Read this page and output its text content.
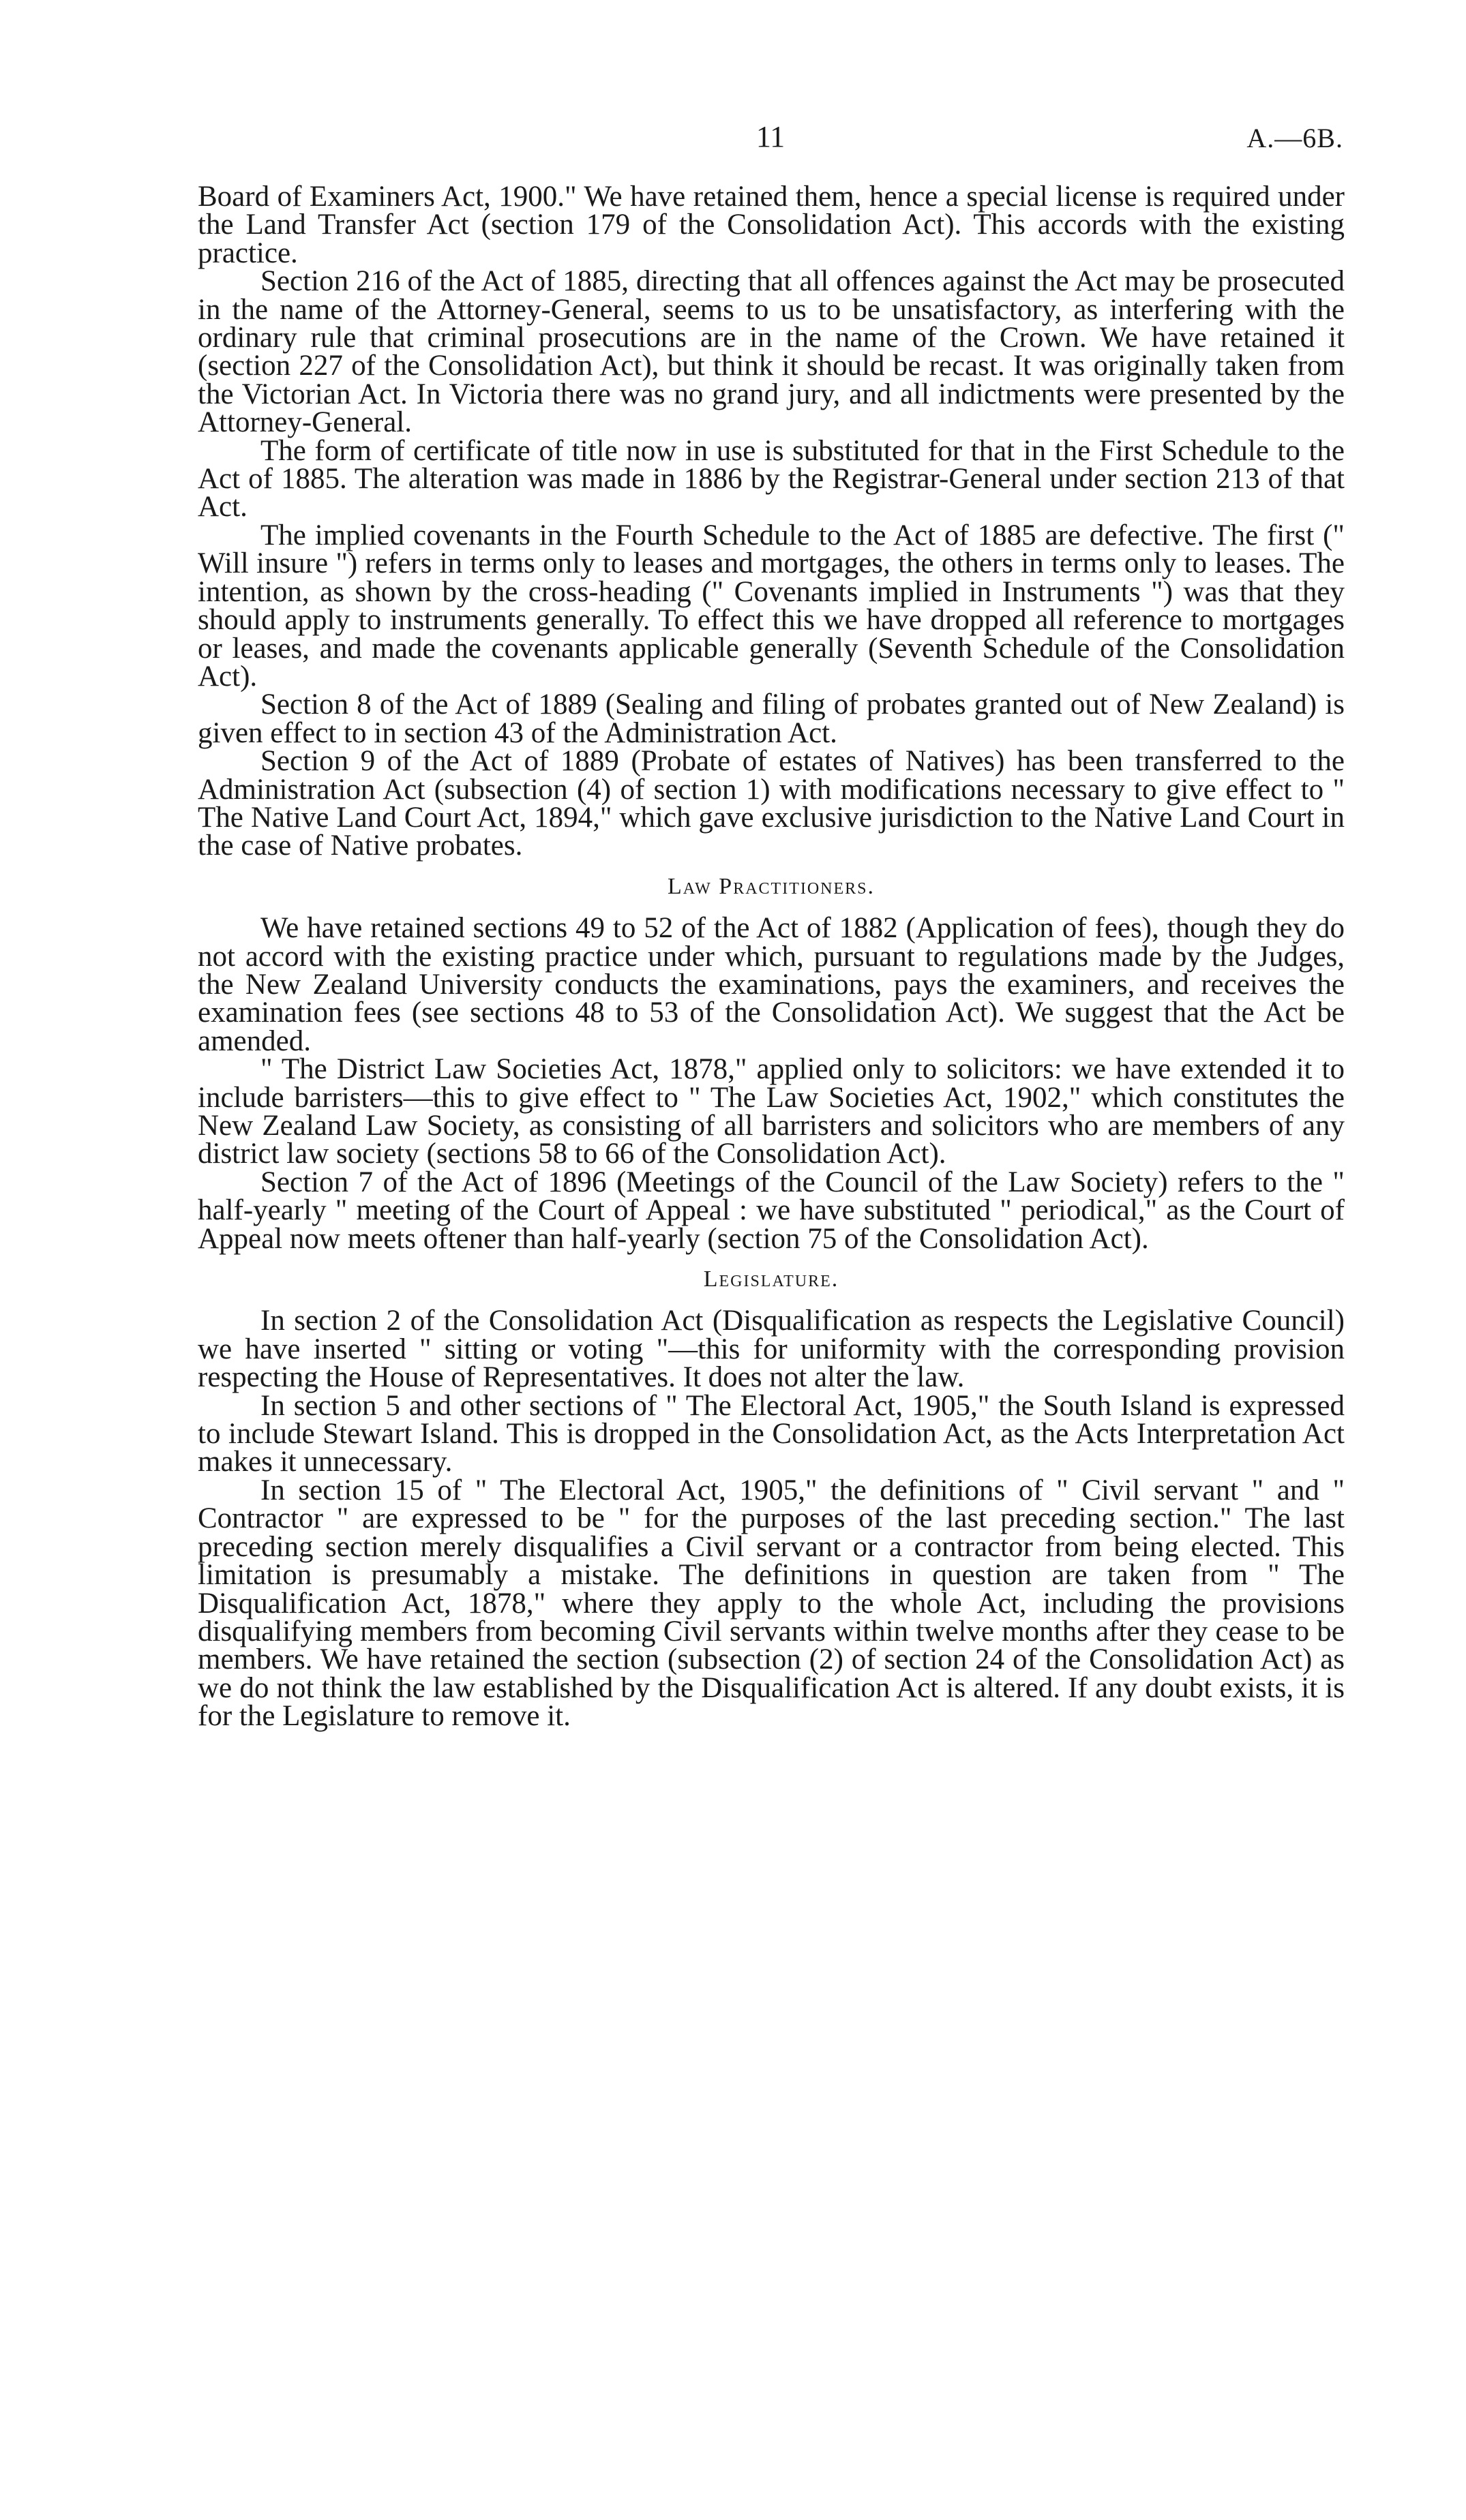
11	A.—6B.

Board of Examiners Act, 1900." We have retained them, hence a special license is required under the Land Transfer Act (section 179 of the Consolidation Act). This accords with the existing practice.

Section 216 of the Act of 1885, directing that all offences against the Act may be prosecuted in the name of the Attorney-General, seems to us to be unsatisfactory, as interfering with the ordinary rule that criminal prosecutions are in the name of the Crown. We have retained it (section 227 of the Consolidation Act), but think it should be recast. It was originally taken from the Victorian Act. In Victoria there was no grand jury, and all indictments were presented by the Attorney-General.

The form of certificate of title now in use is substituted for that in the First Schedule to the Act of 1885. The alteration was made in 1886 by the Registrar-General under section 213 of that Act.

The implied covenants in the Fourth Schedule to the Act of 1885 are defective. The first (" Will insure ") refers in terms only to leases and mortgages, the others in terms only to leases. The intention, as shown by the cross-heading (" Covenants implied in Instruments ") was that they should apply to instruments generally. To effect this we have dropped all reference to mortgages or leases, and made the covenants applicable generally (Seventh Schedule of the Consolidation Act).

Section 8 of the Act of 1889 (Sealing and filing of probates granted out of New Zealand) is given effect to in section 43 of the Administration Act.

Section 9 of the Act of 1889 (Probate of estates of Natives) has been transferred to the Administration Act (subsection (4) of section 1) with modifications necessary to give effect to " The Native Land Court Act, 1894," which gave exclusive jurisdiction to the Native Land Court in the case of Native probates.

Law Practitioners.

We have retained sections 49 to 52 of the Act of 1882 (Application of fees), though they do not accord with the existing practice under which, pursuant to regulations made by the Judges, the New Zealand University conducts the examinations, pays the examiners, and receives the examination fees (see sections 48 to 53 of the Consolidation Act). We suggest that the Act be amended.

" The District Law Societies Act, 1878," applied only to solicitors: we have extended it to include barristers—this to give effect to " The Law Societies Act, 1902," which constitutes the New Zealand Law Society, as consisting of all barristers and solicitors who are members of any district law society (sections 58 to 66 of the Consolidation Act).

Section 7 of the Act of 1896 (Meetings of the Council of the Law Society) refers to the " half-yearly " meeting of the Court of Appeal : we have substituted " periodical," as the Court of Appeal now meets oftener than half-yearly (section 75 of the Consolidation Act).

Legislature.

In section 2 of the Consolidation Act (Disqualification as respects the Legislative Council) we have inserted " sitting or voting "—this for uniformity with the corresponding provision respecting the House of Representatives. It does not alter the law.

In section 5 and other sections of " The Electoral Act, 1905," the South Island is expressed to include Stewart Island. This is dropped in the Consolidation Act, as the Acts Interpretation Act makes it unnecessary.

In section 15 of " The Electoral Act, 1905," the definitions of " Civil servant " and " Contractor " are expressed to be " for the purposes of the last preceding section." The last preceding section merely disqualifies a Civil servant or a contractor from being elected. This limitation is presumably a mistake. The definitions in question are taken from " The Disqualification Act, 1878," where they apply to the whole Act, including the provisions disqualifying members from becoming Civil servants within twelve months after they cease to be members. We have retained the section (subsection (2) of section 24 of the Consolidation Act) as we do not think the law established by the Disqualification Act is altered. If any doubt exists, it is for the Legislature to remove it.
